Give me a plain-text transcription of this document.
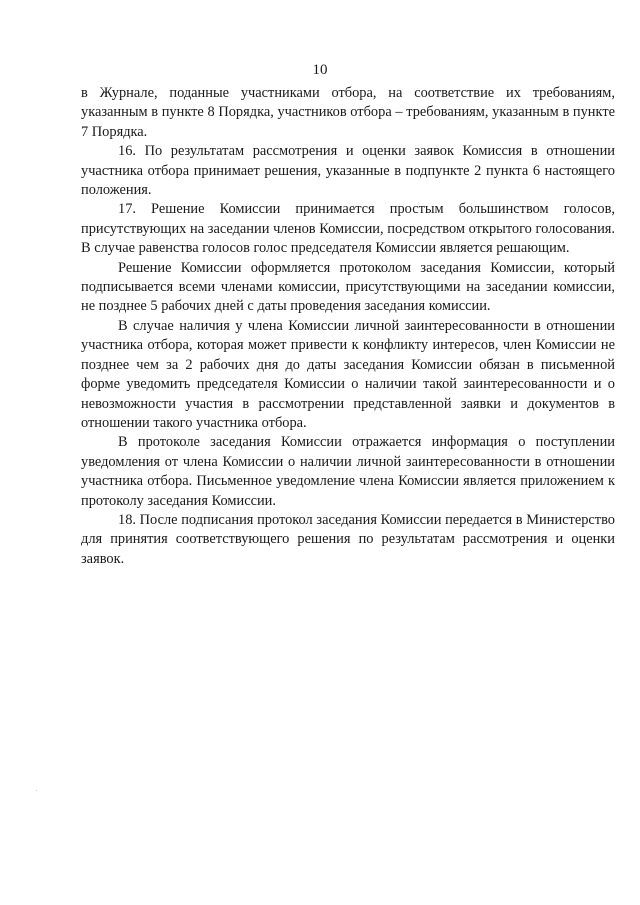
10

в Журнале, поданные участниками отбора, на соответствие их требованиям, указанным в пункте 8 Порядка, участников отбора – требованиям, указанным в пункте 7 Порядка.

16. По результатам рассмотрения и оценки заявок Комиссия в отношении участника отбора принимает решения, указанные в подпункте 2 пункта 6 настоящего положения.

17. Решение Комиссии принимается простым большинством голосов, присутствующих на заседании членов Комиссии, посредством открытого голосования. В случае равенства голосов голос председателя Комиссии является решающим.

Решение Комиссии оформляется протоколом заседания Комиссии, который подписывается всеми членами комиссии, присутствующими на заседании комиссии, не позднее 5 рабочих дней с даты проведения заседания комиссии.

В случае наличия у члена Комиссии личной заинтересованности в отношении участника отбора, которая может привести к конфликту интересов, член Комиссии не позднее чем за 2 рабочих дня до даты заседания Комиссии обязан в письменной форме уведомить председателя Комиссии о наличии такой заинтересованности и о невозможности участия в рассмотрении представленной заявки и документов в отношении такого участника отбора.

В протоколе заседания Комиссии отражается информация о поступлении уведомления от члена Комиссии о наличии личной заинтересованности в отношении участника отбора. Письменное уведомление члена Комиссии является приложением к протоколу заседания Комиссии.

18. После подписания протокол заседания Комиссии передается в Министерство для принятия соответствующего решения по результатам рассмотрения и оценки заявок.
